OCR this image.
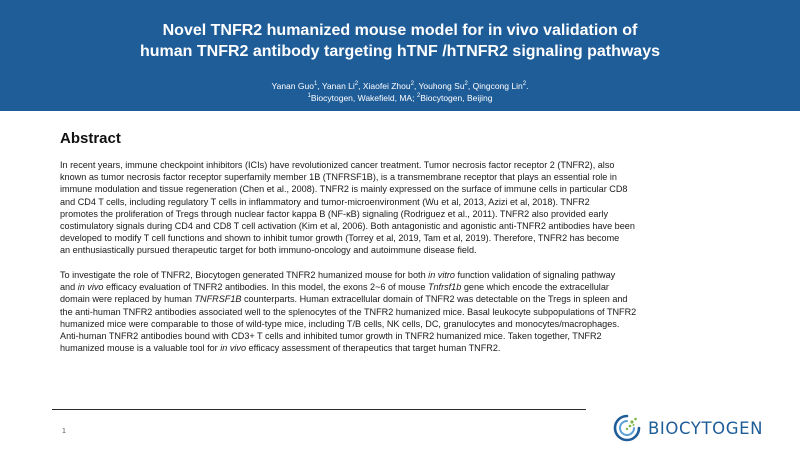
Novel TNFR2 humanized mouse model for in vivo validation of
human TNFR2 antibody targeting hTNF /hTNFR2 signaling pathways
Yanan Guo$^1$, Yanan Li$^2$, Xiaofei Zhou$^2$, Youhong Su$^2$, Qingcong Lin$^2$.
$^1$Biocytogen, Wakefield, MA; $^2$Biocytogen, Beijing
Abstract
In recent years, immune checkpoint inhibitors (ICIs) have revolutionized cancer treatment. Tumor necrosis factor receptor 2 (TNFR2), also
known as tumor necrosis factor receptor superfamily member 1B (TNFRSF1B), is a transmembrane receptor that plays an essential role in
immune modulation and tissue regeneration (Chen et al., 2008). TNFR2 is mainly expressed on the surface of immune cells in particular CD8
and CD4 T cells, including regulatory T cells in inflammatory and tumor-microenvironment (Wu et al, 2013, Azizi et al, 2018). TNFR2
promotes the proliferation of Tregs through nuclear factor kappa B (NF-κB) signaling (Rodriguez et al., 2011). TNFR2 also provided early
costimulatory signals during CD4 and CD8 T cell activation (Kim et al, 2006). Both antagonistic and agonistic anti-TNFR2 antibodies have been
developed to modify T cell functions and shown to inhibit tumor growth (Torrey et al, 2019, Tam et al, 2019). Therefore, TNFR2 has become
an enthusiastically pursued therapeutic target for both immuno-oncology and autoimmune disease field.
To investigate the role of TNFR2, Biocytogen generated TNFR2 humanized mouse for both in vitro function validation of signaling pathway
and in vivo efficacy evaluation of TNFR2 antibodies. In this model, the exons 2~6 of mouse Tnfrsf1b gene which encode the extracellular
domain were replaced by human TNFRSF1B counterparts. Human extracellular domain of TNFR2 was detectable on the Tregs in spleen and
the anti-human TNFR2 antibodies associated well to the splenocytes of the TNFR2 humanized mice. Basal leukocyte subpopulations of TNFR2
humanized mice were comparable to those of wild-type mice, including T/B cells, NK cells, DC, granulocytes and monocytes/macrophages.
Anti-human TNFR2 antibodies bound with CD3+ T cells and inhibited tumor growth in TNFR2 humanized mice. Taken together, TNFR2
humanized mouse is a valuable tool for in vivo efficacy assessment of therapeutics that target human TNFR2.
1	BIOCYTOGEN
